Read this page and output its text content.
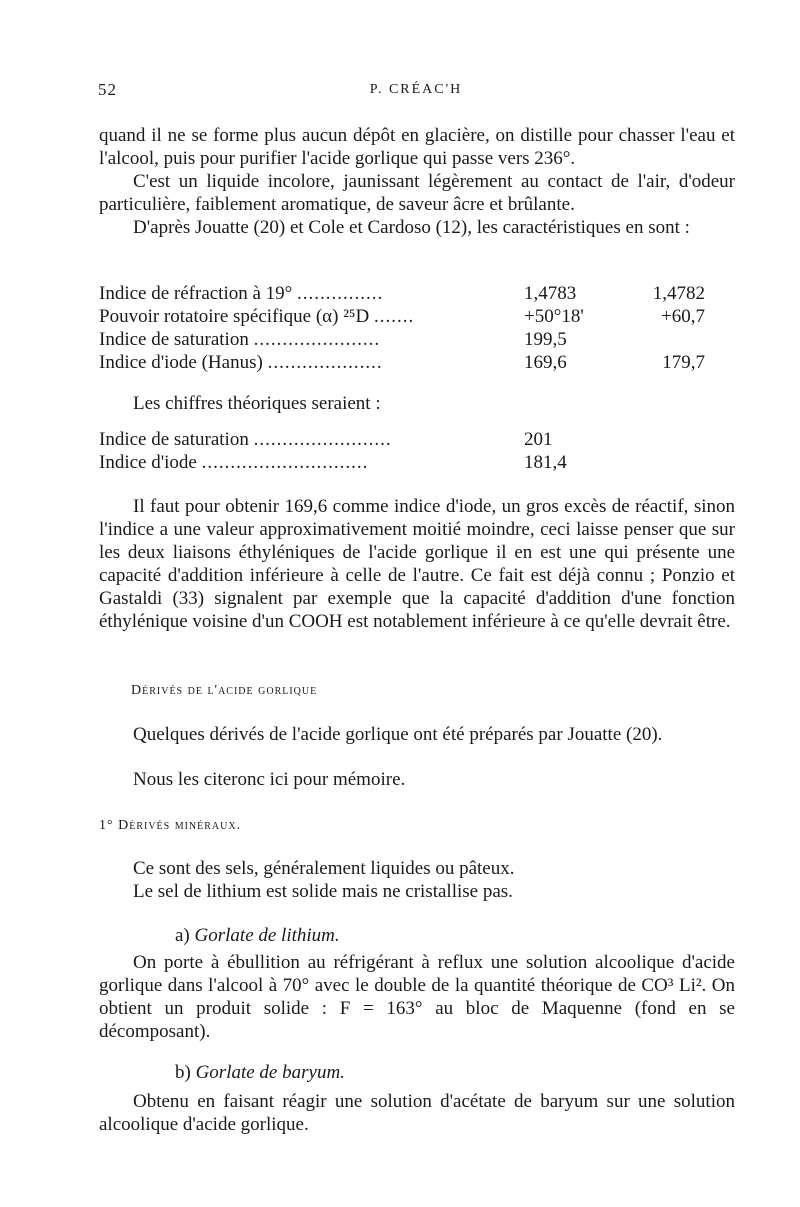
52	P. CRÉAC'H

quand il ne se forme plus aucun dépôt en glacière, on distille pour chasser l'eau et l'alcool, puis pour purifier l'acide gorlique qui passe vers 236°.

C'est un liquide incolore, jaunissant légèrement au contact de l'air, d'odeur particulière, faiblement aromatique, de saveur âcre et brûlante.

D'après Jouatte (20) et Cole et Cardoso (12), les caractéristiques en sont :

Indice de réfraction à 19° ...............	1,4783	1,4782
Pouvoir rotatoire spécifique (α) ²⁵D .......	+50°18'	+60,7
Indice de saturation ......................	199,5
Indice d'iode (Hanus) ....................	169,6	179,7

Les chiffres théoriques seraient :

Indice de saturation ........................	201
Indice d'iode .............................	181,4

Il faut pour obtenir 169,6 comme indice d'iode, un gros excès de réactif, sinon l'indice a une valeur approximativement moitié moindre, ceci laisse penser que sur les deux liaisons éthyléniques de l'acide gorlique il en est une qui présente une capacité d'addition inférieure à celle de l'autre. Ce fait est déjà connu ; Ponzio et Gastaldi (33) signalent par exemple que la capacité d'addition d'une fonction éthylénique voisine d'un COOH est notablement inférieure à ce qu'elle devrait être.

Dérivés de l'acide gorlique

Quelques dérivés de l'acide gorlique ont été préparés par Jouatte (20).

Nous les citeronc ici pour mémoire.

1° Dérivés minéraux.

Ce sont des sels, généralement liquides ou pâteux.

Le sel de lithium est solide mais ne cristallise pas.

a) Gorlate de lithium.

On porte à ébullition au réfrigérant à reflux une solution alcoolique d'acide gorlique dans l'alcool à 70° avec le double de la quantité théorique de CO³ Li². On obtient un produit solide : F = 163° au bloc de Maquenne (fond en se décomposant).

b) Gorlate de baryum.

Obtenu en faisant réagir une solution d'acétate de baryum sur une solution alcoolique d'acide gorlique.
